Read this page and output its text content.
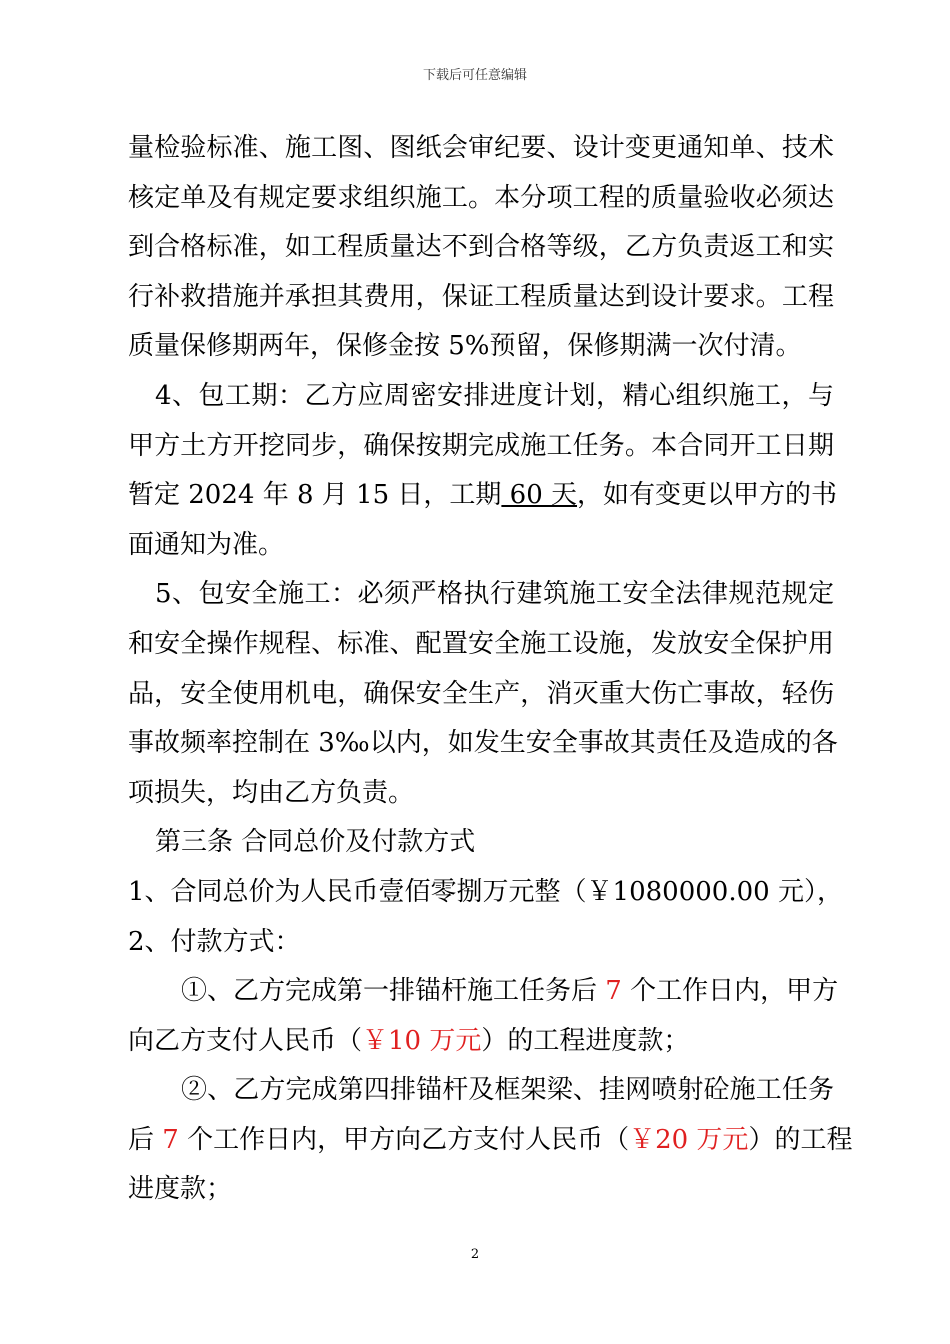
下载后可任意编辑
量检验标准、施工图、图纸会审纪要、设计变更通知单、技术
核定单及有规定要求组织施工。本分项工程的质量验收必须达
到合格标准，如工程质量达不到合格等级，乙方负责返工和实
行补救措施并承担其费用，保证工程质量达到设计要求。工程
质量保修期两年，保修金按 5%预留，保修期满一次付清。
4、包工期：乙方应周密安排进度计划，精心组织施工，与
甲方土方开挖同步，确保按期完成施工任务。本合同开工日期
暂定 2024 年 8 月 15 日，工期 60 天，如有变更以甲方的书
面通知为准。
5、包安全施工：必须严格执行建筑施工安全法律规范规定
和安全操作规程、标准、配置安全施工设施，发放安全保护用
品，安全使用机电，确保安全生产，消灭重大伤亡事故，轻伤
事故频率控制在 3‰以内，如发生安全事故其责任及造成的各
项损失，均由乙方负责。
第三条 合同总价及付款方式
1、合同总价为人民币壹佰零捌万元整（￥1080000.00 元），
2、付款方式：
①、乙方完成第一排锚杆施工任务后 7 个工作日内，甲方
向乙方支付人民币（￥10 万元）的工程进度款；
②、乙方完成第四排锚杆及框架梁、挂网喷射砼施工任务
后 7 个工作日内，甲方向乙方支付人民币（￥20 万元）的工程
进度款；
2
